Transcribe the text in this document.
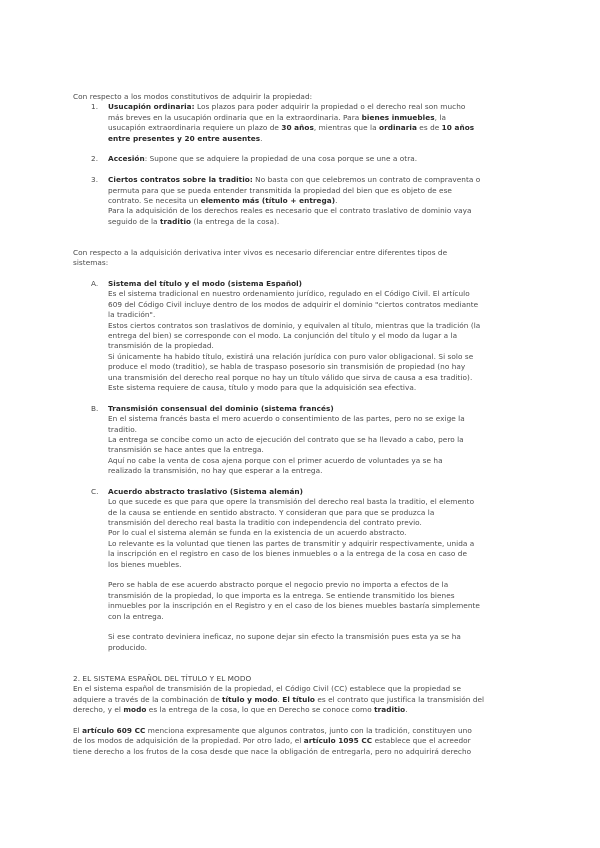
Con respecto a los modos constitutivos de adquirir la propiedad:
1. Usucapión ordinaria: Los plazos para poder adquirir la propiedad o el derecho real son mucho
más breves en la usucapión ordinaria que en la extraordinaria. Para bienes inmuebles, la
usucapión extraordinaria requiere un plazo de 30 años, mientras que la ordinaria es de 10 años
entre presentes y 20 entre ausentes.
2. Accesión: Supone que se adquiere la propiedad de una cosa porque se une a otra.
3. Ciertos contratos sobre la traditio: No basta con que celebremos un contrato de compraventa o
permuta para que se pueda entender transmitida la propiedad del bien que es objeto de ese
contrato. Se necesita un elemento más (título + entrega).
Para la adquisición de los derechos reales es necesario que el contrato traslativo de dominio vaya
seguido de la traditio (la entrega de la cosa).
Con respecto a la adquisición derivativa inter vivos es necesario diferenciar entre diferentes tipos de
sistemas:
A. Sistema del título y el modo (sistema Español)
Es el sistema tradicional en nuestro ordenamiento jurídico, regulado en el Código Civil. El artículo
609 del Código Civil incluye dentro de los modos de adquirir el dominio "ciertos contratos mediante
la tradición".
Estos ciertos contratos son traslativos de dominio, y equivalen al título, mientras que la tradición (la
entrega del bien) se corresponde con el modo. La conjunción del título y el modo da lugar a la
transmisión de la propiedad.
Si únicamente ha habido título, existirá una relación jurídica con puro valor obligacional. Si solo se
produce el modo (traditio), se habla de traspaso posesorio sin transmisión de propiedad (no hay
una transmisión del derecho real porque no hay un título válido que sirva de causa a esa traditio).
Este sistema requiere de causa, título y modo para que la adquisición sea efectiva.
B. Transmisión consensual del dominio (sistema francés)
En el sistema francés basta el mero acuerdo o consentimiento de las partes, pero no se exige la
traditio.
La entrega se concibe como un acto de ejecución del contrato que se ha llevado a cabo, pero la
transmisión se hace antes que la entrega.
Aquí no cabe la venta de cosa ajena porque con el primer acuerdo de voluntades ya se ha
realizado la transmisión, no hay que esperar a la entrega.
C. Acuerdo abstracto traslativo (Sistema alemán)
Lo que sucede es que para que opere la transmisión del derecho real basta la traditio, el elemento
de la causa se entiende en sentido abstracto. Y consideran que para que se produzca la
transmisión del derecho real basta la traditio con independencia del contrato previo.
Por lo cual el sistema alemán se funda en la existencia de un acuerdo abstracto.
Lo relevante es la voluntad que tienen las partes de transmitir y adquirir respectivamente, unida a
la inscripción en el registro en caso de los bienes inmuebles o a la entrega de la cosa en caso de
los bienes muebles.
Pero se habla de ese acuerdo abstracto porque el negocio previo no importa a efectos de la
transmisión de la propiedad, lo que importa es la entrega. Se entiende transmitido los bienes
inmuebles por la inscripción en el Registro y en el caso de los bienes muebles bastaría simplemente
con la entrega.
Si ese contrato deviniera ineficaz, no supone dejar sin efecto la transmisión pues esta ya se ha
producido.
2. EL SISTEMA ESPAÑOL DEL TÍTULO Y EL MODO
En el sistema español de transmisión de la propiedad, el Código Civil (CC) establece que la propiedad se
adquiere a través de la combinación de título y modo. El título es el contrato que justifica la transmisión del
derecho, y el modo es la entrega de la cosa, lo que en Derecho se conoce como traditio.
El artículo 609 CC menciona expresamente que algunos contratos, junto con la tradición, constituyen uno
de los modos de adquisición de la propiedad. Por otro lado, el artículo 1095 CC establece que el acreedor
tiene derecho a los frutos de la cosa desde que nace la obligación de entregarla, pero no adquirirá derecho
